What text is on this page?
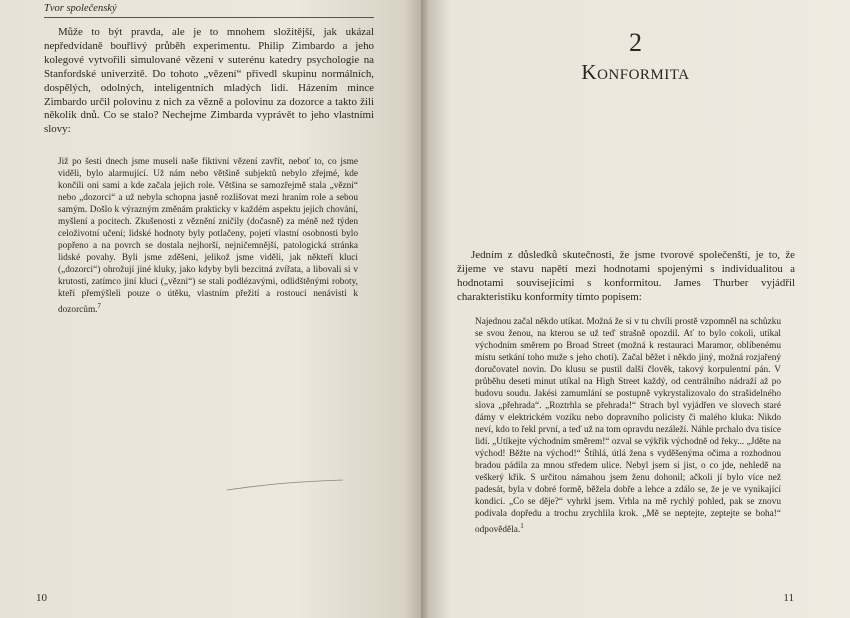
Tvor společenský

Může to být pravda, ale je to mnohem složitější, jak ukázal nepředvídaně bouřlivý průběh experimentu. Philip Zimbardo a jeho kolegové vytvořili simulované vězení v suterénu katedry psychologie na Stanfordské univerzitě. Do tohoto „vězení“ přivedl skupinu normálních, dospělých, odolných, inteligentních mladých lidí. Házením mince Zimbardo určil polovinu z nich za vězně a polovinu za dozorce a takto žili několik dnů. Co se stalo? Nechejme Zimbarda vyprávět to jeho vlastními slovy:

Již po šesti dnech jsme museli naše fiktivní vězení zavřít, neboť to, co jsme viděli, bylo alarmující. Už nám nebo většině subjektů nebylo zřejmé, kde končili oni sami a kde začala jejich role. Většina se samozřejmě stala „vězni“ nebo „dozorci“ a už nebyla schopna jasně rozlišovat mezi hraním role a sebou samým. Došlo k výrazným změnám prakticky v každém aspektu jejich chování, myšlení a pocitech. Zkušenosti z věznění zničily (dočasně) za méně než týden celoživotní učení; lidské hodnoty byly potlačeny, pojetí vlastní osobnosti bylo popřeno a na povrch se dostala nejhorší, nejničemnější, patologická stránka lidské povahy. Byli jsme zděšeni, jelikož jsme viděli, jak někteří kluci („dozorci“) ohrožují jiné kluky, jako kdyby byli bezcitná zvířata, a libovali si v krutosti, zatímco jiní kluci („vězni“) se stali podlézavými, odlidštěnými roboty, kteří přemýšleli pouze o útěku, vlastním přežití a rostoucí nenávisti k dozorcům.$^7$
10
2
Konformita

Jedním z důsledků skutečnosti, že jsme tvorové společenští, je to, že žijeme ve stavu napětí mezi hodnotami spojenými s individualitou a hodnotami souvisejícími s konformitou. James Thurber vyjádřil charakteristiku konformity tímto popisem:

Najednou začal někdo utíkat. Možná že si v tu chvíli prostě vzpomněl na schůzku se svou ženou, na kterou se už teď strašně opozdil. Ať to bylo cokoli, utíkal východním směrem po Broad Street (možná k restauraci Maramor, oblíbenému místu setkání toho muže s jeho chotí). Začal běžet i někdo jiný, možná rozjařený doručovatel novin. Do klusu se pustil další člověk, takový korpulentní pán. V průběhu deseti minut utíkal na High Street každý, od centrálního nádraží až po budovu soudu. Jakési zamumlání se postupně vykrystalizovalo do strašidelného slova „přehrada“. „Roztrhla se přehrada!“ Strach byl vyjádřen ve slovech staré dámy v elektrickém vozíku nebo dopravního policisty či malého kluka: Nikdo neví, kdo to řekl první, a teď už na tom opravdu nezáleží. Náhle prchalo dva tisíce lidí. „Utíkejte východním směrem!“ ozval se výkřik východně od řeky... „Jděte na východ! Běžte na východ!“ Štíhlá, útlá žena s vyděšenýma očima a rozhodnou bradou pádila za mnou středem ulice. Nebyl jsem si jist, o co jde, nehledě na veškerý křik. S určitou námahou jsem ženu dohonil; ačkoli jí bylo více než padesát, byla v dobré formě, běžela dobře a lehce a zdálo se, že je ve vynikající kondici. „Co se děje?“ vyhrkl jsem. Vrhla na mě rychlý pohled, pak se znovu podívala dopředu a trochu zrychlila krok. „Mě se neptejte, zeptejte se boha!“ odpověděla.$^1$
11
